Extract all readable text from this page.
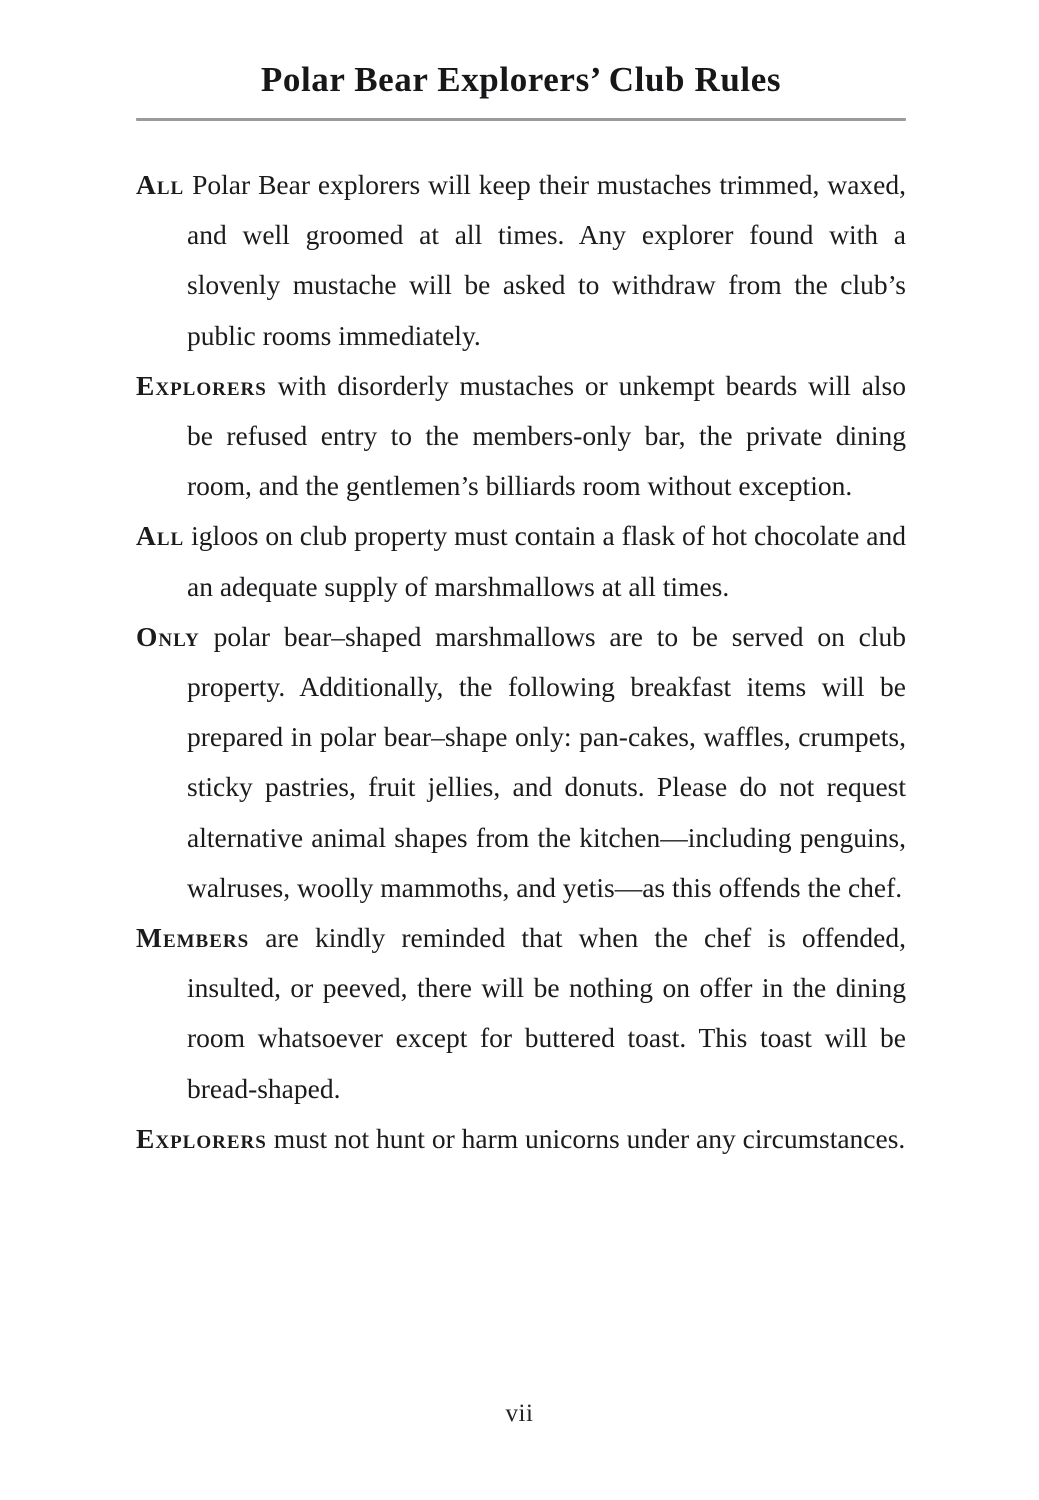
Polar Bear Explorers’ Club Rules

All Polar Bear explorers will keep their mustaches trimmed, waxed, and well groomed at all times. Any explorer found with a slovenly mustache will be asked to withdraw from the club’s public rooms immediately.

Explorers with disorderly mustaches or unkempt beards will also be refused entry to the members-only bar, the private dining room, and the gentlemen’s billiards room without exception.

All igloos on club property must contain a flask of hot chocolate and an adequate supply of marshmallows at all times.

Only polar bear–shaped marshmallows are to be served on club property. Additionally, the following breakfast items will be prepared in polar bear–shape only: pan-cakes, waffles, crumpets, sticky pastries, fruit jellies, and donuts. Please do not request alternative animal shapes from the kitchen—including penguins, walruses, woolly mammoths, and yetis—as this offends the chef.

Members are kindly reminded that when the chef is offended, insulted, or peeved, there will be nothing on offer in the dining room whatsoever except for buttered toast. This toast will be bread-shaped.

Explorers must not hunt or harm unicorns under any circumstances.

vii
